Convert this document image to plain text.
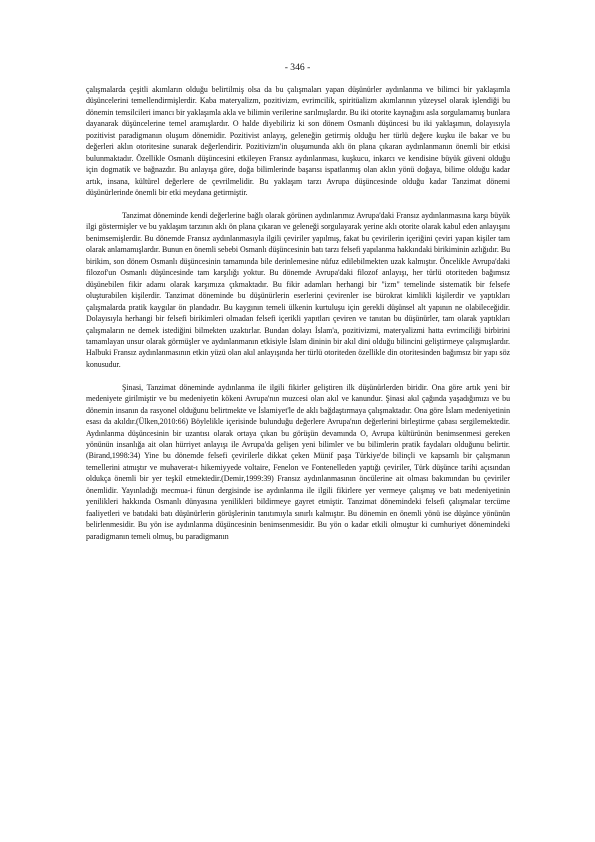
- 346 -

çalışmalarda çeşitli akımların olduğu belirtilmiş olsa da bu çalışmaları yapan düşünürler aydınlanma ve bilimci bir yaklaşımla düşüncelerini temellendirmişlerdir. Kaba materyalizm, pozitivizm, evrimcilik, spiritüalizm akımlarının yüzeysel olarak işlendiği bu dönemin temsilcileri imancı bir yaklaşımla akla ve bilimin verilerine sarılmışlardır. Bu iki otorite kaynağını asla sorgulamamış bunlara dayanarak düşüncelerine temel aramışlardır. O halde diyebiliriz ki son dönem Osmanlı düşüncesi bu iki yaklaşımın, dolayısıyla pozitivist paradigmanın oluşum dönemidir. Pozitivist anlayış, geleneğin getirmiş olduğu her türlü değere kuşku ile bakar ve bu değerleri aklın otoritesine sunarak değerlendirir. Pozitivizm'in oluşumunda aklı ön plana çıkaran aydınlanmanın önemli bir etkisi bulunmaktadır. Özellikle Osmanlı düşüncesini etkileyen Fransız aydınlanması, kuşkucu, inkarcı ve kendisine büyük güveni olduğu için dogmatik ve bağnazdır. Bu anlayışa göre, doğa bilimlerinde başarısı ispatlanmış olan aklın yönü doğaya, bilime olduğu kadar artık, insana, kültürel değerlere de çevrilmelidir. Bu yaklaşım tarzı Avrupa düşüncesinde olduğu kadar Tanzimat dönemi düşünürlerinde önemli bir etki meydana getirmiştir.

Tanzimat döneminde kendi değerlerine bağlı olarak görünen aydınlarımız Avrupa'daki Fransız aydınlanmasına karşı büyük ilgi göstermişler ve bu yaklaşım tarzının aklı ön plana çıkaran ve geleneği sorgulayarak yerine aklı otorite olarak kabul eden anlayışını benimsemişlerdir. Bu dönemde Fransız aydınlanmasıyla ilgili çeviriler yapılmış, fakat bu çevirilerin içeriğini çeviri yapan kişiler tam olarak anlamamışlardır. Bunun en önemli sebebi Osmanlı düşüncesinin batı tarzı felsefi yapılanma hakkındaki birikiminin azlığıdır. Bu birikim, son dönem Osmanlı düşüncesinin tamamında bile derinlemesine nüfuz edilebilmekten uzak kalmıştır. Öncelikle Avrupa'daki filozof'un Osmanlı düşüncesinde tam karşılığı yoktur. Bu dönemde Avrupa'daki filozof anlayışı, her türlü otoriteden bağımsız düşünebilen fikir adamı olarak karşımıza çıkmaktadır. Bu fikir adamları herhangi bir "izm" temelinde sistematik bir felsefe oluşturabilen kişilerdir. Tanzimat döneminde bu düşünürlerin eserlerini çevirenler ise bürokrat kimlikli kişilerdir ve yaptıkları çalışmalarda pratik kaygılar ön plandadır. Bu kaygının temeli ülkenin kurtuluşu için gerekli düşünsel alt yapının ne olabileceğidir. Dolayısıyla herhangi bir felsefi birikimleri olmadan felsefi içerikli yapıtları çeviren ve tanıtan bu düşünürler, tam olarak yaptıkları çalışmaların ne demek istediğini bilmekten uzaktırlar. Bundan dolayı İslam'a, pozitivizmi, materyalizmi hatta evrimciliği birbirini tamamlayan unsur olarak görmüşler ve aydınlanmanın etkisiyle İslam dininin bir akıl dini olduğu bilincini geliştirmeye çalışmışlardır. Halbuki Fransız aydınlanmasının etkin yüzü olan akıl anlayışında her türlü otoriteden özellikle din otoritesinden bağımsız bir yapı söz konusudur.

Şinasi, Tanzimat döneminde aydınlanma ile ilgili fikirler geliştiren ilk düşünürlerden biridir. Ona göre artık yeni bir medeniyete girilmiştir ve bu medeniyetin kökeni Avrupa'nın muzcesi olan akıl ve kanundur. Şinasi akıl çağında yaşadığımızı ve bu dönemin insanın da rasyonel olduğunu belirtmekte ve İslamiyet'le de aklı bağdaştırmaya çalışmaktadır. Ona göre İslam medeniyetinin esası da akıldır.(Ülken,2010:66) Böylelikle içerisinde bulunduğu değerlere Avrupa'nın değerlerini birleştirme çabası sergilemektedir. Aydınlanma düşüncesinin bir uzantısı olarak ortaya çıkan bu görüşün devamında O, Avrupa kültürünün benimsenmesi gereken yönünün insanlığa ait olan hürriyet anlayışı ile Avrupa'da gelişen yeni bilimler ve bu bilimlerin pratik faydaları olduğunu belirtir.(Birand,1998:34) Yine bu dönemde felsefi çevirilerle dikkat çeken Münif paşa Türkiye'de bilinçli ve kapsamlı bir çalışmanın temellerini atmıştır ve muhaverat-ı hikemiyyede voltaire, Fenelon ve Fontenelleden yaptığı çeviriler, Türk düşünce tarihi açısından oldukça önemli bir yer teşkil etmektedir.(Demir,1999:39) Fransız aydınlanmasının öncülerine ait olması bakımından bu çeviriler önemlidir. Yayınladığı mecmua-i fünun dergisinde ise aydınlanma ile ilgili fikirlere yer vermeye çalışmış ve batı medeniyetinin yenilikleri hakkında Osmanlı dünyasına yenilikleri bildirmeye gayret etmiştir. Tanzimat dönemindeki felsefi çalışmalar tercüme faaliyetleri ve batıdaki batı düşünürlerin görüşlerinin tanıtımıyla sınırlı kalmıştır. Bu dönemin en önemli yönü ise düşünce yönünün belirlenmesidir. Bu yön ise aydınlanma düşüncesinin benimsenmesidir. Bu yön o kadar etkili olmuştur ki cumhuriyet dönemindeki paradigmanın temeli olmuş, bu paradigmanın
